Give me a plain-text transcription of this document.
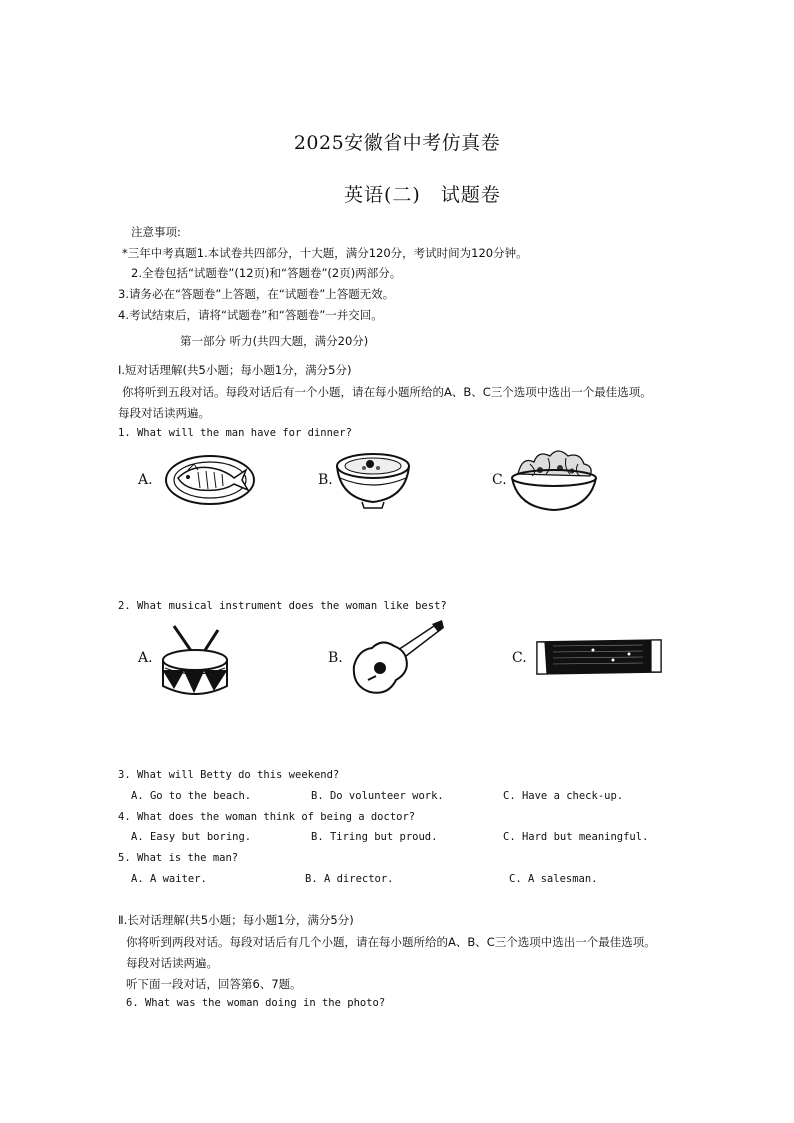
2025安徽省中考仿真卷
英语(二)　试题卷
注意事项:
*三年中考真题1.本试卷共四部分，十大题，满分120分，考试时间为120分钟。
2.全卷包括“试题卷”(12页)和“答题卷”(2页)两部分。
3.请务必在“答题卷”上答题，在“试题卷”上答题无效。
4.考试结束后，请将“试题卷”和“答题卷”一并交回。
第一部分 听力(共四大题，满分20分)
Ⅰ.短对话理解(共5小题；每小题1分，满分5分)
你将听到五段对话。每段对话后有一个小题，请在每小题所给的A、B、C三个选项中选出一个最佳选项。
每段对话读两遍。
1. What will the man have for dinner?
A.	B.	C.
2. What musical instrument does the woman like best?
A.	B.	C.
3. What will Betty do this weekend?
A. Go to the beach.	B. Do volunteer work.	C. Have a check-up.
4. What does the woman think of being a doctor?
A. Easy but boring.	B. Tiring but proud.	C. Hard but meaningful.
5. What is the man?
A. A waiter.	B. A director.	C. A salesman.
Ⅱ.长对话理解(共5小题；每小题1分，满分5分)
你将听到两段对话。每段对话后有几个小题，请在每小题所给的A、B、C三个选项中选出一个最佳选项。
每段对话读两遍。
听下面一段对话，回答第6、7题。
6. What was the woman doing in the photo?
